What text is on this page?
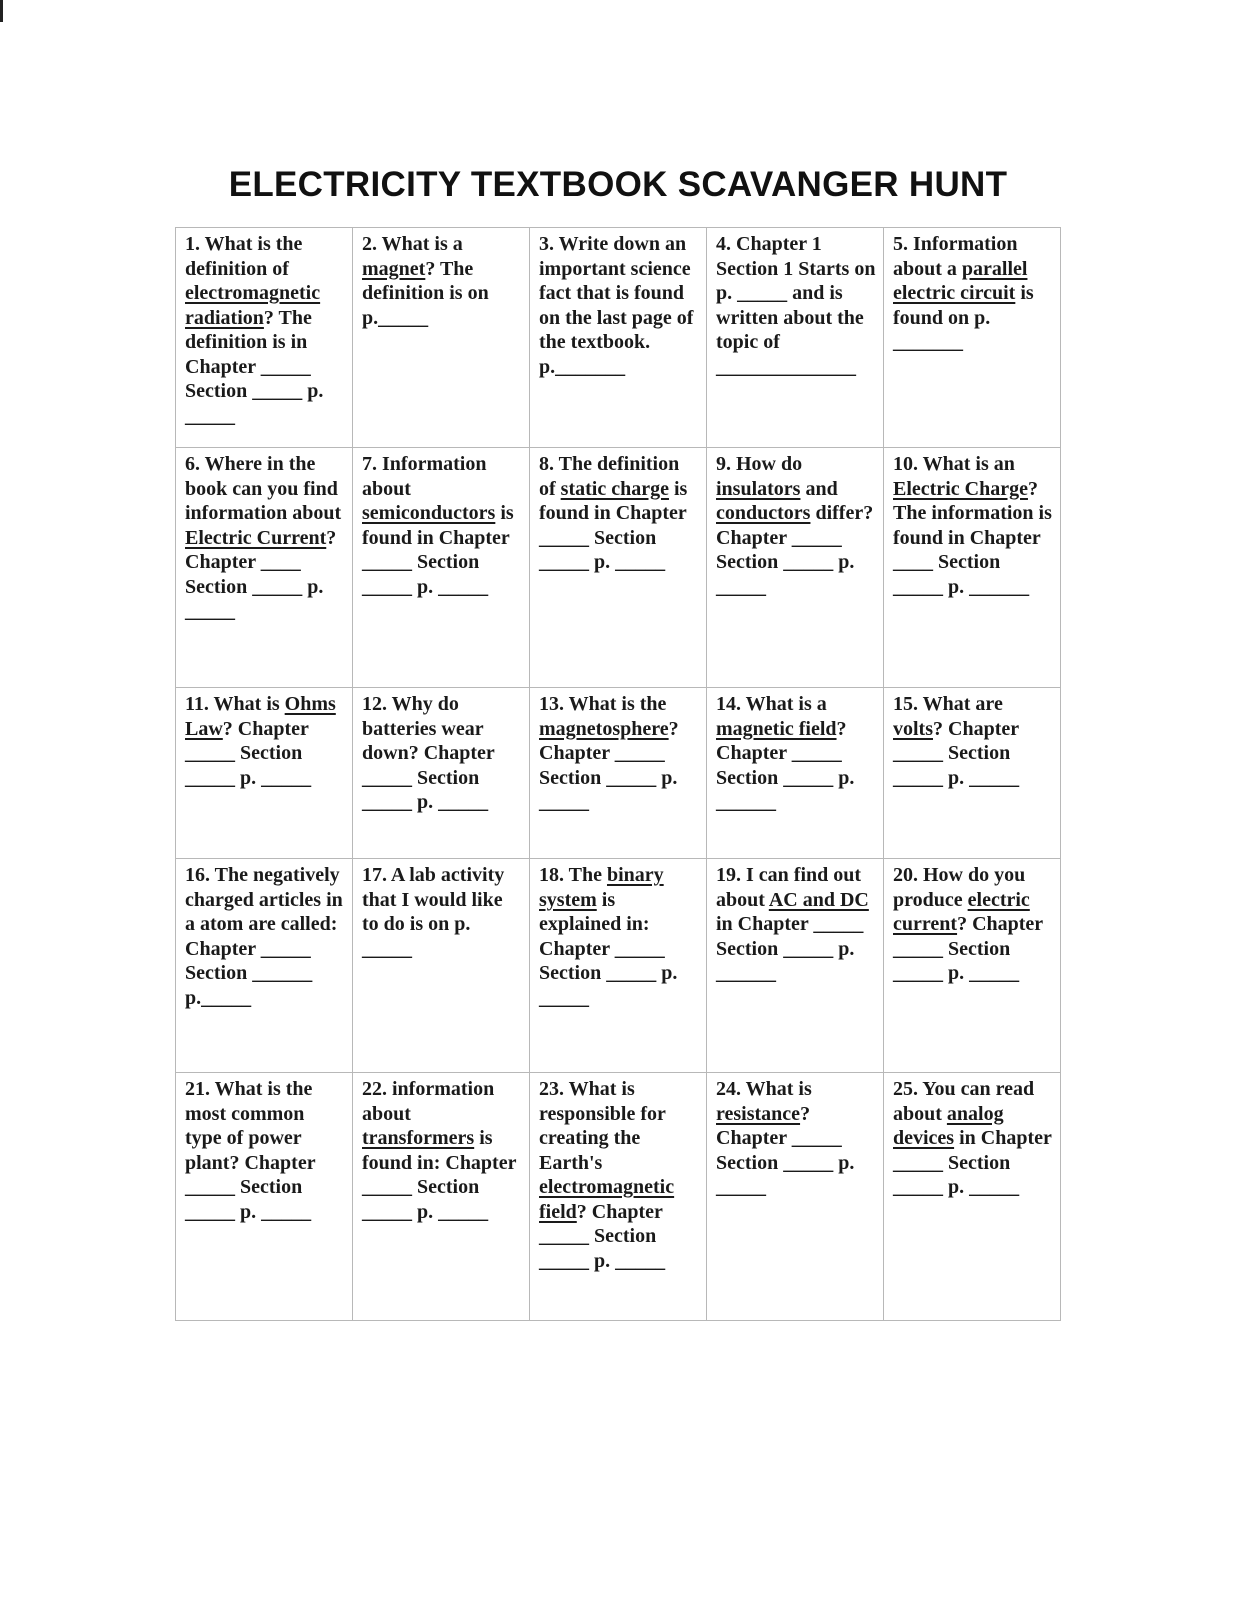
ELECTRICITY TEXTBOOK SCAVANGER HUNT
1. What is the definition of electromagnetic radiation? The definition is in Chapter _____ Section _____ p. _____	2. What is a magnet? The definition is on p._____	3. Write down an important science fact that is found on the last page of the textbook. p._______	4. Chapter 1 Section 1 Starts on p. _____ and is written about the topic of ______________	5. Information about a parallel electric circuit is found on p. _______
6. Where in the book can you find information about Electric Current? Chapter ____ Section _____ p. _____	7. Information about semiconductors is found in Chapter _____ Section _____ p. _____	8. The definition of static charge is found in Chapter _____ Section _____ p. _____	9. How do insulators and conductors differ? Chapter _____ Section _____ p. _____	10. What is an Electric Charge? The information is found in Chapter ____ Section _____ p. ______
11. What is Ohms Law? Chapter _____ Section _____ p. _____	12. Why do batteries wear down? Chapter _____ Section _____ p. _____	13. What is the magnetosphere? Chapter _____ Section _____ p. _____	14. What is a magnetic field? Chapter _____ Section _____ p. ______	15. What are volts? Chapter _____ Section _____ p. _____
16. The negatively charged articles in a atom are called: Chapter _____ Section ______ p._____	17. A lab activity that I would like to do is on p. _____	18. The binary system is explained in: Chapter _____ Section _____ p. _____	19. I can find out about AC and DC in Chapter _____ Section _____ p. ______	20. How do you produce electric current? Chapter _____ Section _____ p. _____
21. What is the most common type of power plant? Chapter _____ Section _____ p. _____	22. information about transformers is found in: Chapter _____ Section _____ p. _____	23. What is responsible for creating the Earth's electromagnetic field? Chapter _____ Section _____ p. _____	24. What is resistance? Chapter _____ Section _____ p. _____	25. You can read about analog devices in Chapter _____ Section _____ p. _____
